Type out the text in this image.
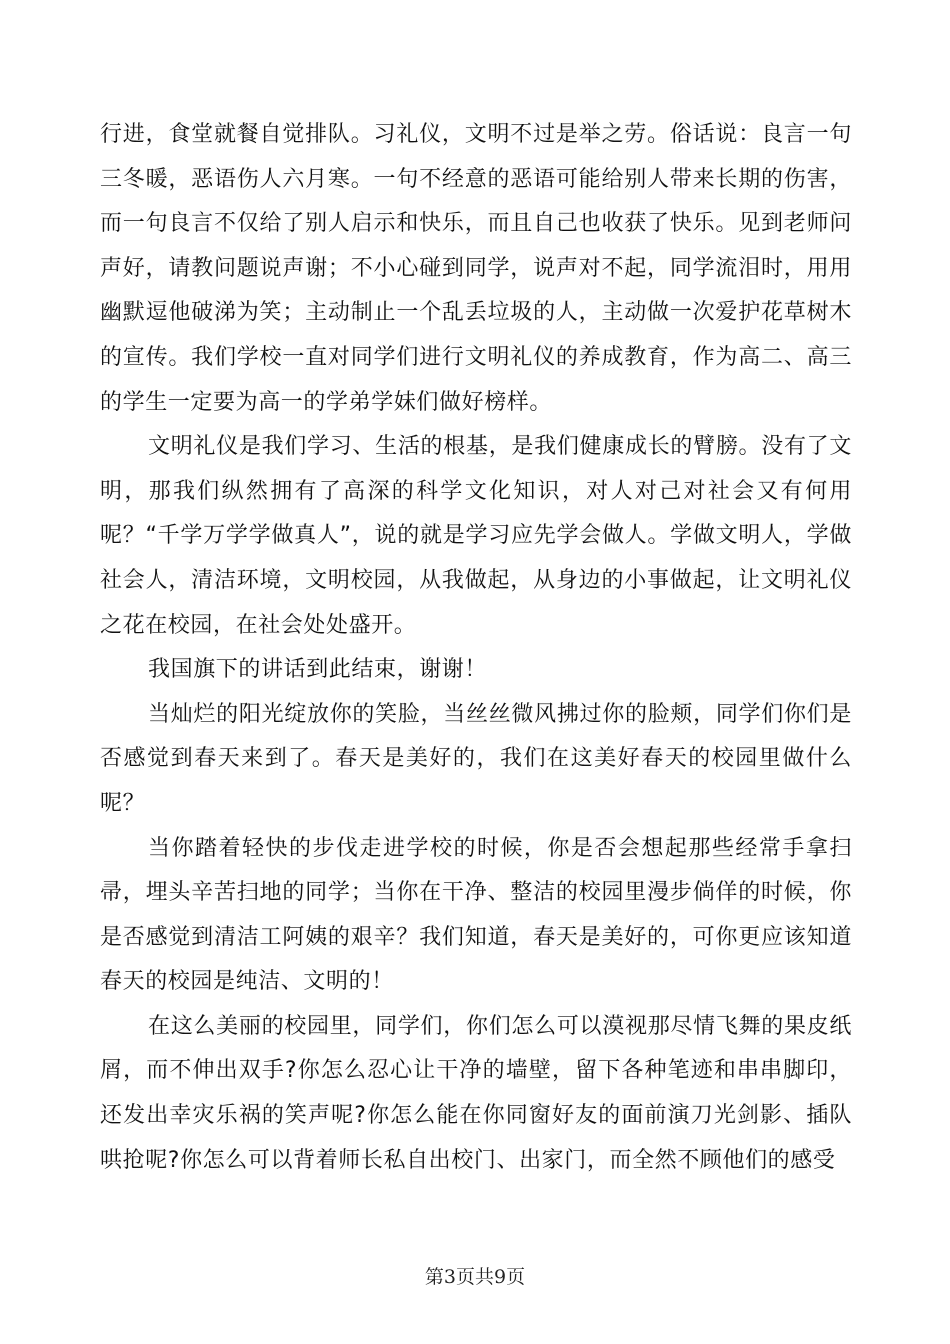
行进，食堂就餐自觉排队。习礼仪，文明不过是举之劳。俗话说：良言一句三冬暖，恶语伤人六月寒。一句不经意的恶语可能给别人带来长期的伤害，而一句良言不仅给了别人启示和快乐，而且自己也收获了快乐。见到老师问声好，请教问题说声谢；不小心碰到同学，说声对不起，同学流泪时，用用幽默逗他破涕为笑；主动制止一个乱丢垃圾的人，主动做一次爱护花草树木的宣传。我们学校一直对同学们进行文明礼仪的养成教育，作为高二、高三的学生一定要为高一的学弟学妹们做好榜样。

文明礼仪是我们学习、生活的根基，是我们健康成长的臂膀。没有了文明，那我们纵然拥有了高深的科学文化知识，对人对己对社会又有何用呢？“千学万学学做真人”，说的就是学习应先学会做人。学做文明人，学做社会人，清洁环境，文明校园，从我做起，从身边的小事做起，让文明礼仪之花在校园，在社会处处盛开。

我国旗下的讲话到此结束，谢谢！

当灿烂的阳光绽放你的笑脸，当丝丝微风拂过你的脸颊，同学们你们是否感觉到春天来到了。春天是美好的，我们在这美好春天的校园里做什么呢？

当你踏着轻快的步伐走进学校的时候，你是否会想起那些经常手拿扫帚，埋头辛苦扫地的同学；当你在干净、整洁的校园里漫步倘佯的时候，你是否感觉到清洁工阿姨的艰辛？我们知道，春天是美好的，可你更应该知道春天的校园是纯洁、文明的！

在这么美丽的校园里，同学们，你们怎么可以漠视那尽情飞舞的果皮纸屑，而不伸出双手?你怎么忍心让干净的墙壁，留下各种笔迹和串串脚印，还发出幸灾乐祸的笑声呢?你怎么能在你同窗好友的面前演刀光剑影、插队哄抢呢?你怎么可以背着师长私自出校门、出家门，而全然不顾他们的感受

第3页共9页
